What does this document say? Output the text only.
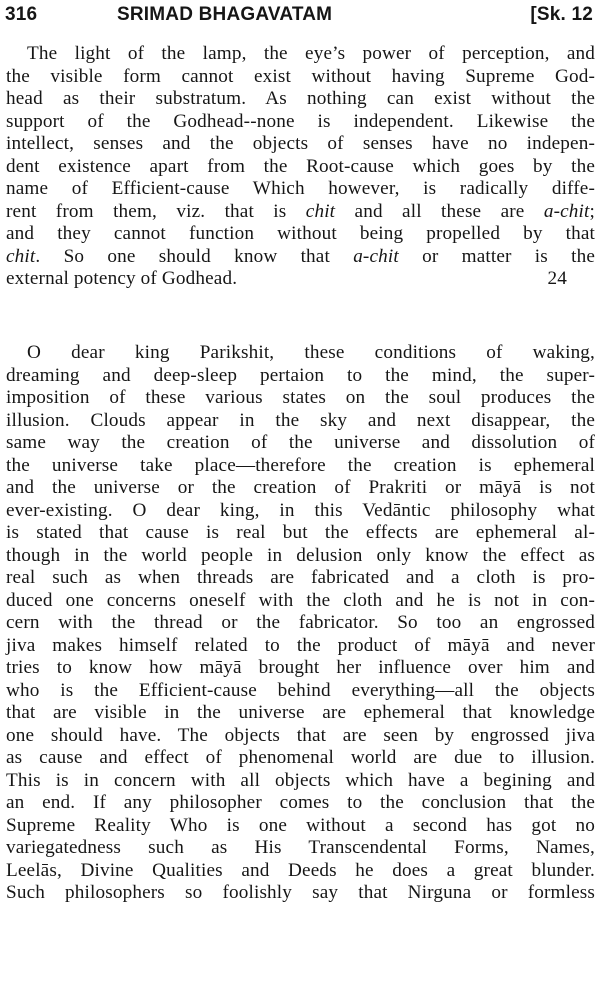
316	SRIMAD BHAGAVATAM	[Sk. 12
The light of the lamp, the eye’s power of perception, and
the visible form cannot exist without having Supreme God-
head as their substratum. As nothing can exist without the
support of the Godhead--none is independent. Likewise the
intellect, senses and the objects of senses have no indepen-
dent existence apart from the Root-cause which goes by the
name of Efficient-cause Which however, is radically diffe-
rent from them, viz. that is chit and all these are a-chit;
and they cannot function without being propelled by that
chit. So one should know that a-chit or matter is the
external potency of Godhead.	24
O dear king Parikshit, these conditions of waking,
dreaming and deep-sleep pertaion to the mind, the super-
imposition of these various states on the soul produces the
illusion. Clouds appear in the sky and next disappear, the
same way the creation of the universe and dissolution of
the universe take place—therefore the creation is ephemeral
and the universe or the creation of Prakriti or māyā is not
ever-existing. O dear king, in this Vedāntic philosophy what
is stated that cause is real but the effects are ephemeral al-
though in the world people in delusion only know the effect as
real such as when threads are fabricated and a cloth is pro-
duced one concerns oneself with the cloth and he is not in con-
cern with the thread or the fabricator. So too an engrossed
jiva makes himself related to the product of māyā and never
tries to know how māyā brought her influence over him and
who is the Efficient-cause behind everything—all the objects
that are visible in the universe are ephemeral that knowledge
one should have. The objects that are seen by engrossed jiva
as cause and effect of phenomenal world are due to illusion.
This is in concern with all objects which have a begining and
an end. If any philosopher comes to the conclusion that the
Supreme Reality Who is one without a second has got no
variegatedness such as His Transcendental Forms, Names,
Leelās, Divine Qualities and Deeds he does a great blunder.
Such philosophers so foolishly say that Nirguna or formless
